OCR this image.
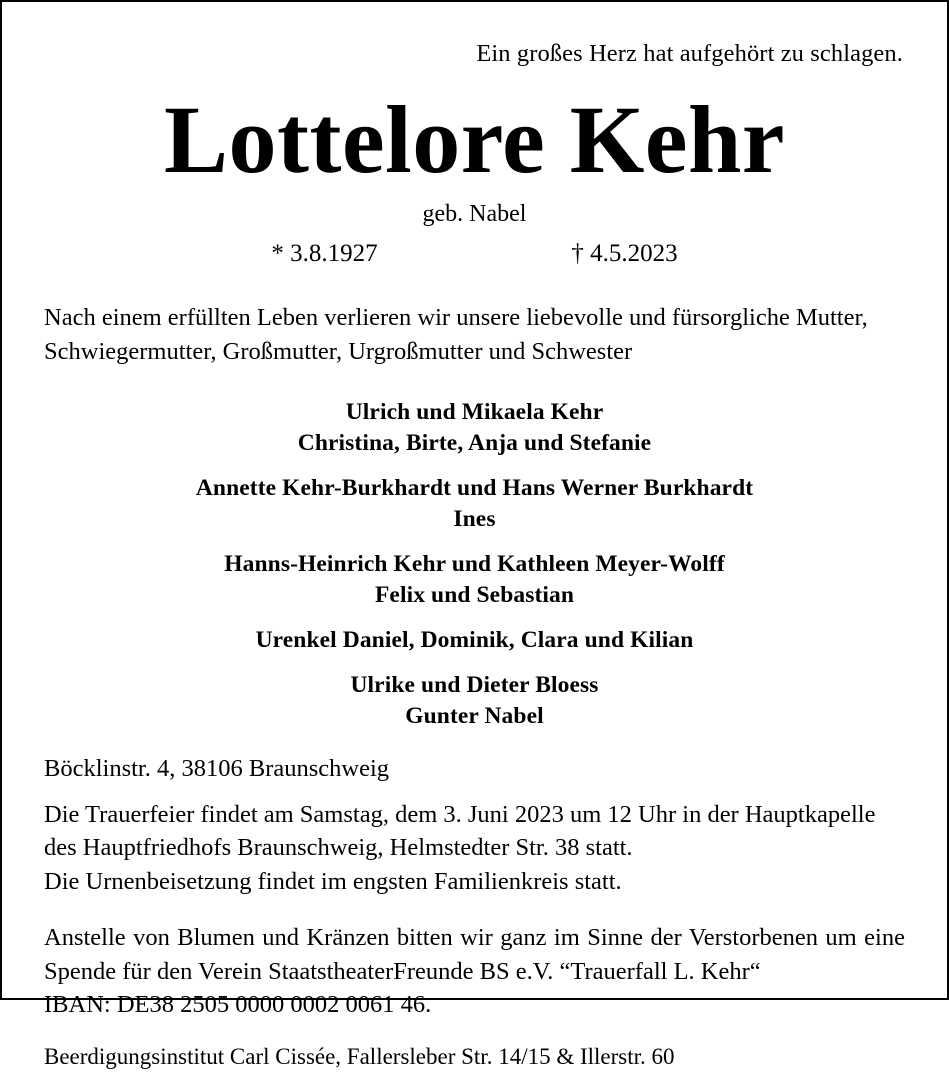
Ein großes Herz hat aufgehört zu schlagen.

Lottelore Kehr

geb. Nabel

* 3.8.1927	† 4.5.2023

Nach einem erfüllten Leben verlieren wir unsere liebevolle und fürsorgliche Mutter, Schwiegermutter, Großmutter, Urgroßmutter und Schwester

Ulrich und Mikaela Kehr
Christina, Birte, Anja und Stefanie
Annette Kehr-Burkhardt und Hans Werner Burkhardt
Ines
Hanns-Heinrich Kehr und Kathleen Meyer-Wolff
Felix und Sebastian
Urenkel Daniel, Dominik, Clara und Kilian
Ulrike und Dieter Bloess
Gunter Nabel

Böcklinstr. 4, 38106 Braunschweig

Die Trauerfeier findet am Samstag, dem 3. Juni 2023 um 12 Uhr in der Hauptkapelle des Hauptfriedhofs Braunschweig, Helmstedter Str. 38 statt.

Die Urnenbeisetzung findet im engsten Familienkreis statt.

Anstelle von Blumen und Kränzen bitten wir ganz im Sinne der Verstorbenen um eine Spende für den Verein StaatstheaterFreunde BS e.V. “Trauerfall L. Kehr“
IBAN: DE38 2505 0000 0002 0061 46.

Beerdigungsinstitut Carl Cissée, Fallersleber Str. 14/15 & Illerstr. 60
